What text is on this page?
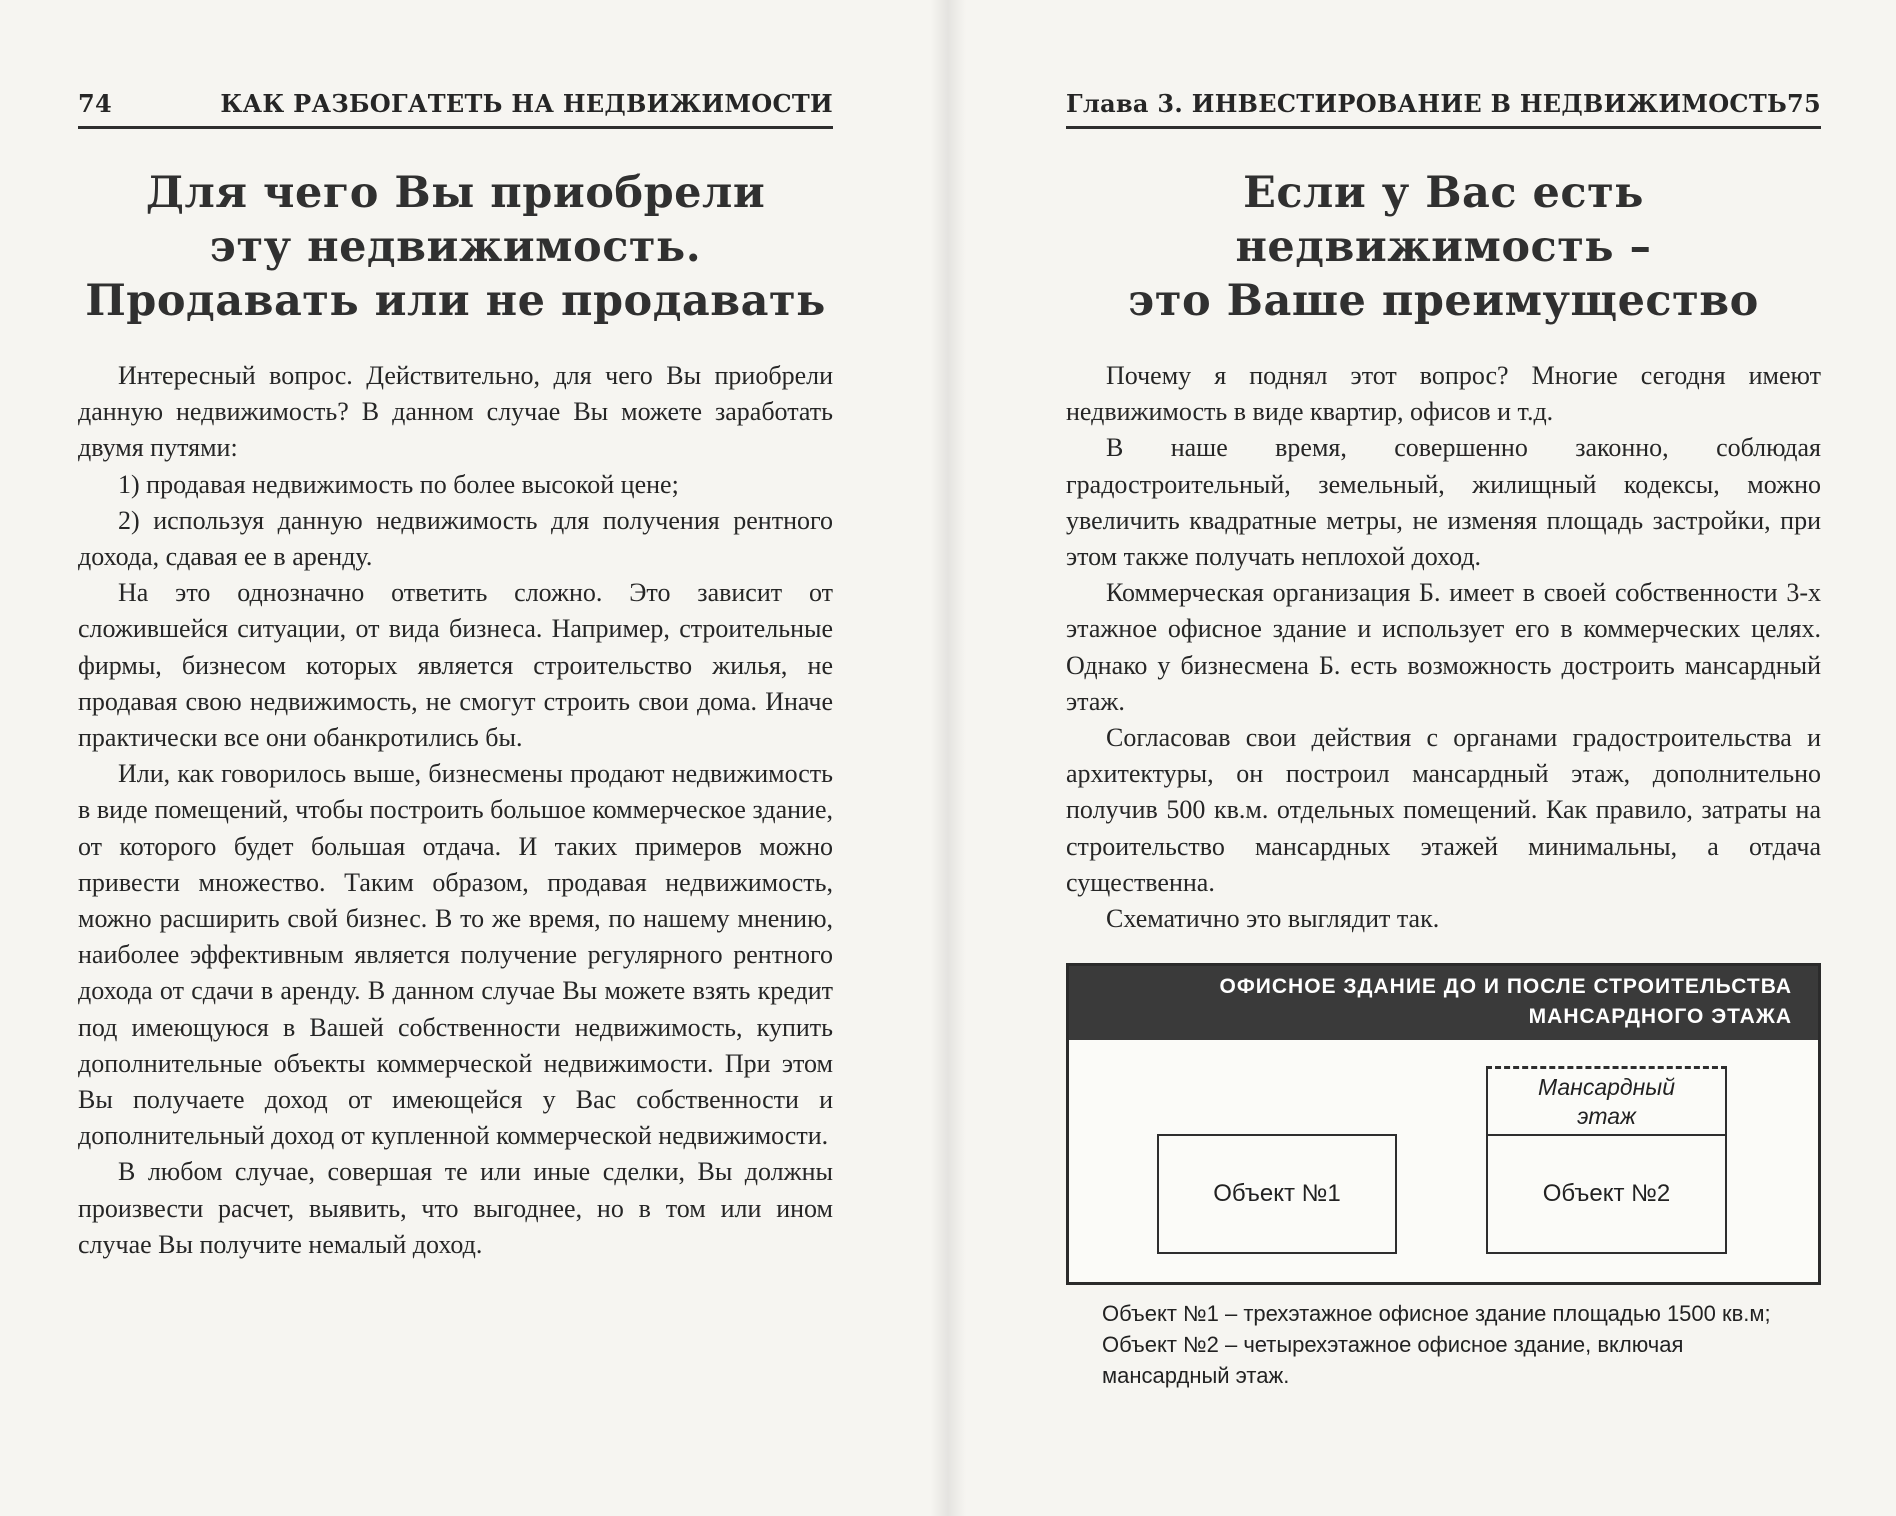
74	КАК РАЗБОГАТЕТЬ НА НЕДВИЖИМОСТИ
Для чего Вы приобрели
эту недвижимость.
Продавать или не продавать

Интересный вопрос. Действительно, для чего Вы приобрели данную недвижимость? В данном случае Вы можете заработать двумя путями:

1) продавая недвижимость по более высокой цене;

2) используя данную недвижимость для получения рентного дохода, сдавая ее в аренду.

На это однозначно ответить сложно. Это зависит от сложившейся ситуации, от вида бизнеса. Например, строительные фирмы, бизнесом которых является строительство жилья, не продавая свою недвижимость, не смогут строить свои дома. Иначе практически все они обанкротились бы.

Или, как говорилось выше, бизнесмены продают недвижимость в виде помещений, чтобы построить большое коммерческое здание, от которого будет большая отдача. И таких примеров можно привести множество. Таким образом, продавая недвижимость, можно расширить свой бизнес. В то же время, по нашему мнению, наиболее эффективным является получение регулярного рентного дохода от сдачи в аренду. В данном случае Вы можете взять кредит под имеющуюся в Вашей собственности недвижимость, купить дополнительные объекты коммерческой недвижимости. При этом Вы получаете доход от имеющейся у Вас собственности и дополнительный доход от купленной коммерческой недвижимости.

В любом случае, совершая те или иные сделки, Вы должны произвести расчет, выявить, что выгоднее, но в том или ином случае Вы получите немалый доход.

Глава 3. ИНВЕСТИРОВАНИЕ В НЕДВИЖИМОСТЬ 75
Если у Вас есть
недвижимость –
это Ваше преимущество

Почему я поднял этот вопрос? Многие сегодня имеют недвижимость в виде квартир, офисов и т.д.

В наше время, совершенно законно, соблюдая градостроительный, земельный, жилищный кодексы, можно увеличить квадратные метры, не изменяя площадь застройки, при этом также получать неплохой доход.

Коммерческая организация Б. имеет в своей собственности 3-х этажное офисное здание и использует его в коммерческих целях. Однако у бизнесмена Б. есть возможность достроить мансардный этаж.

Согласовав свои действия с органами градостроительства и архитектуры, он построил мансардный этаж, дополнительно получив 500 кв.м. отдельных помещений. Как правило, затраты на строительство мансардных этажей минимальны, а отдача существенна.

Схематично это выглядит так.

ОФИСНОЕ ЗДАНИЕ ДО И ПОСЛЕ СТРОИТЕЛЬСТВА
МАНСАРДНОГО ЭТАЖА
Объект №1
Мансардный
этаж
Объект №2

Объект №1 – трехэтажное офисное здание площадью 1500 кв.м;

Объект №2 – четырехэтажное офисное здание, включая мансардный этаж.
